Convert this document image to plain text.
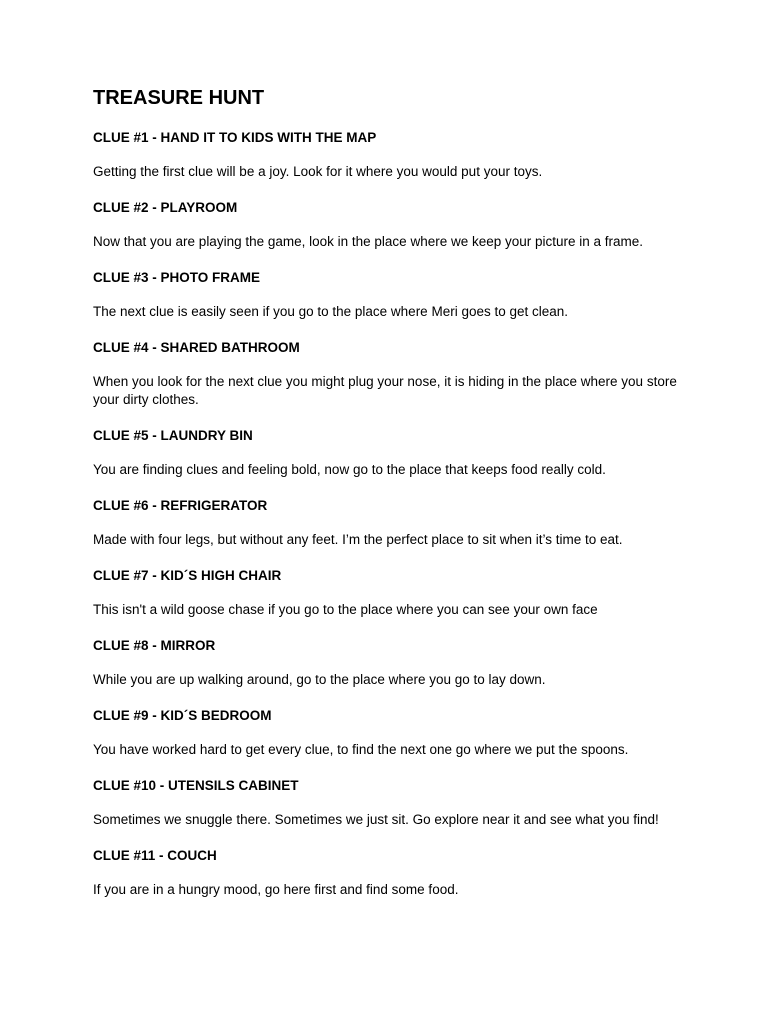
TREASURE HUNT
CLUE #1 - HAND IT TO KIDS WITH THE MAP

Getting the first clue will be a joy. Look for it where you would put your toys.

CLUE #2 - PLAYROOM

Now that you are playing the game, look in the place where we keep your picture in a frame.

CLUE #3 - PHOTO FRAME

The next clue is easily seen if you go to the place where Meri goes to get clean.

CLUE #4 - SHARED BATHROOM

When you look for the next clue you might plug your nose, it is hiding in the place where you store your dirty clothes.

CLUE #5 - LAUNDRY BIN

You are finding clues and feeling bold, now go to the place that keeps food really cold.

CLUE #6 - REFRIGERATOR

Made with four legs, but without any feet. I’m the perfect place to sit when it’s time to eat.

CLUE #7 - KID´S HIGH CHAIR

This isn't a wild goose chase if you go to the place where you can see your own face

CLUE #8 - MIRROR

While you are up walking around, go to the place where you go to lay down.

CLUE #9 - KID´S BEDROOM

You have worked hard to get every clue, to find the next one go where we put the spoons.

CLUE #10 - UTENSILS CABINET

Sometimes we snuggle there. Sometimes we just sit. Go explore near it and see what you find!

CLUE #11 - COUCH

If you are in a hungry mood, go here first and find some food.
